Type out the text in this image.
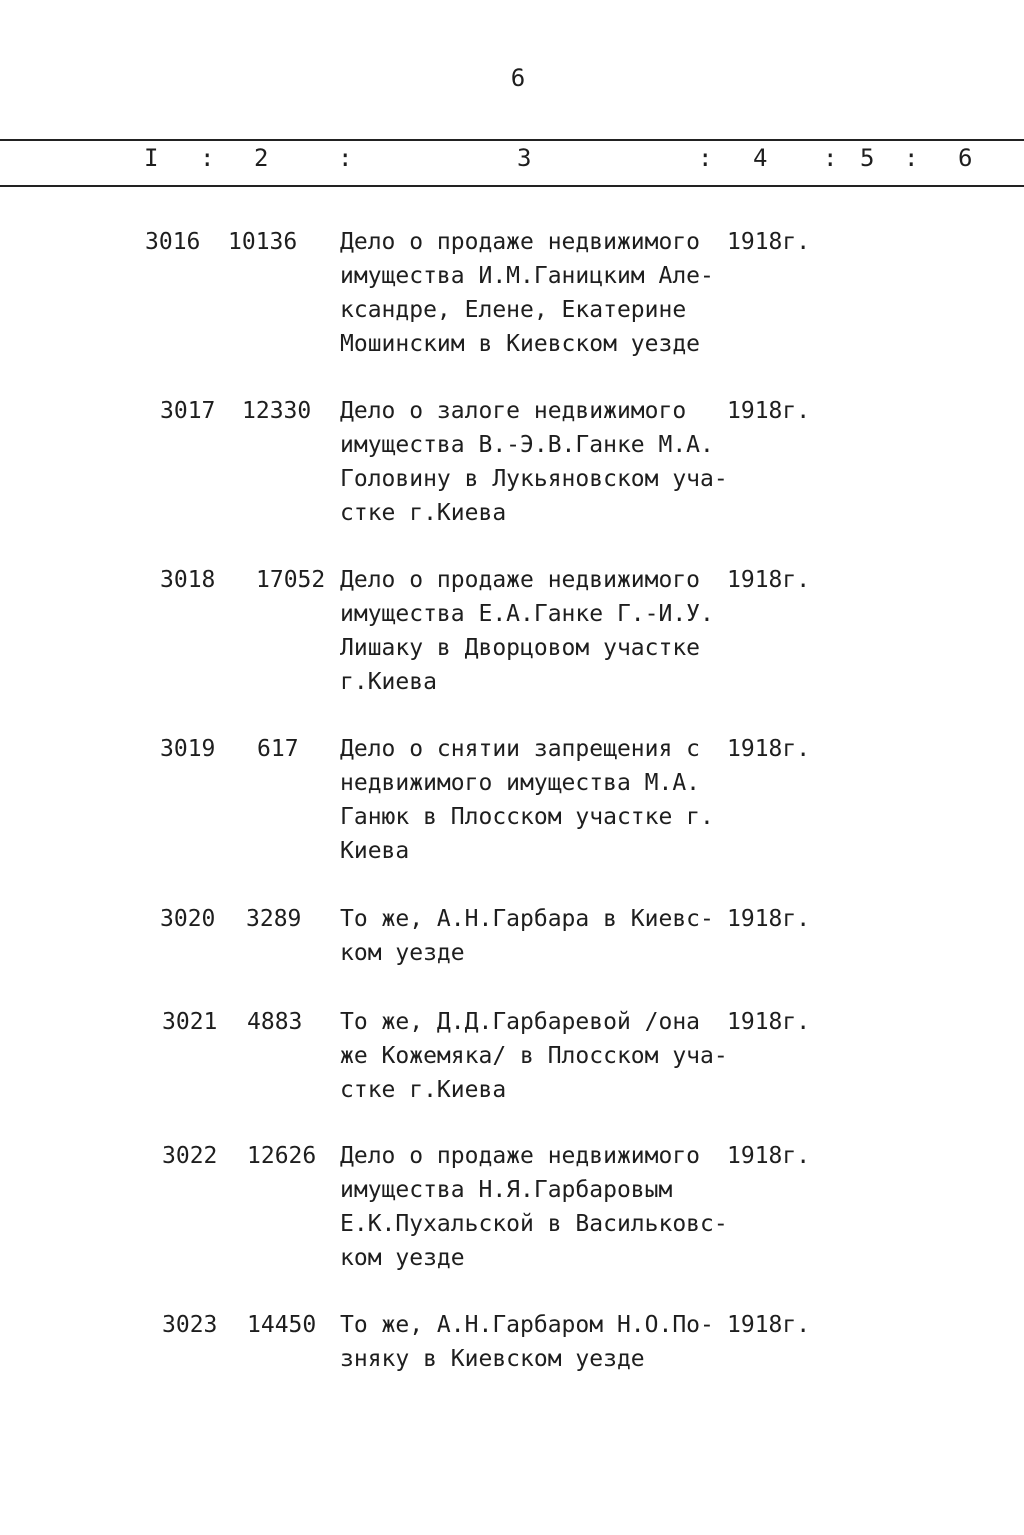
6
I : 2	:	3	: 4 : 5 : 6
3016	10136	Дело о продаже недвижимого
имущества И.М.Ганицким Але-
ксандре, Елене, Екатерине
Мошинским в Киевском уезде
1918г.
3017	12330	Дело о залоге недвижимого
имущества В.-Э.В.Ганке М.А.
Головину в Лукьяновском уча-
стке г.Киева
1918г.
3018	17052 Дело о продаже недвижимого
имущества Е.А.Ганке Г.-И.У.
Лишаку в Дворцовом участке
г.Киева
1918г.
3019	617	Дело о снятии запрещения с
недвижимого имущества М.А.
Ганюк в Плосском участке г.
Киева
1918г.
3020	3289	То же, А.Н.Гарбара в Киевс-
ком уезде
1918г.
3021	4883	То же, Д.Д.Гарбаревой /она
же Кожемяка/ в Плосском уча-
стке г.Киева
1918г.
3022	12626	Дело о продаже недвижимого
имущества Н.Я.Гарбаровым
Е.К.Пухальской в Васильковс-
ком уезде
1918г.
3023	14450	То же, А.Н.Гарбаром Н.О.По-
зняку в Киевском уезде
1918г.
